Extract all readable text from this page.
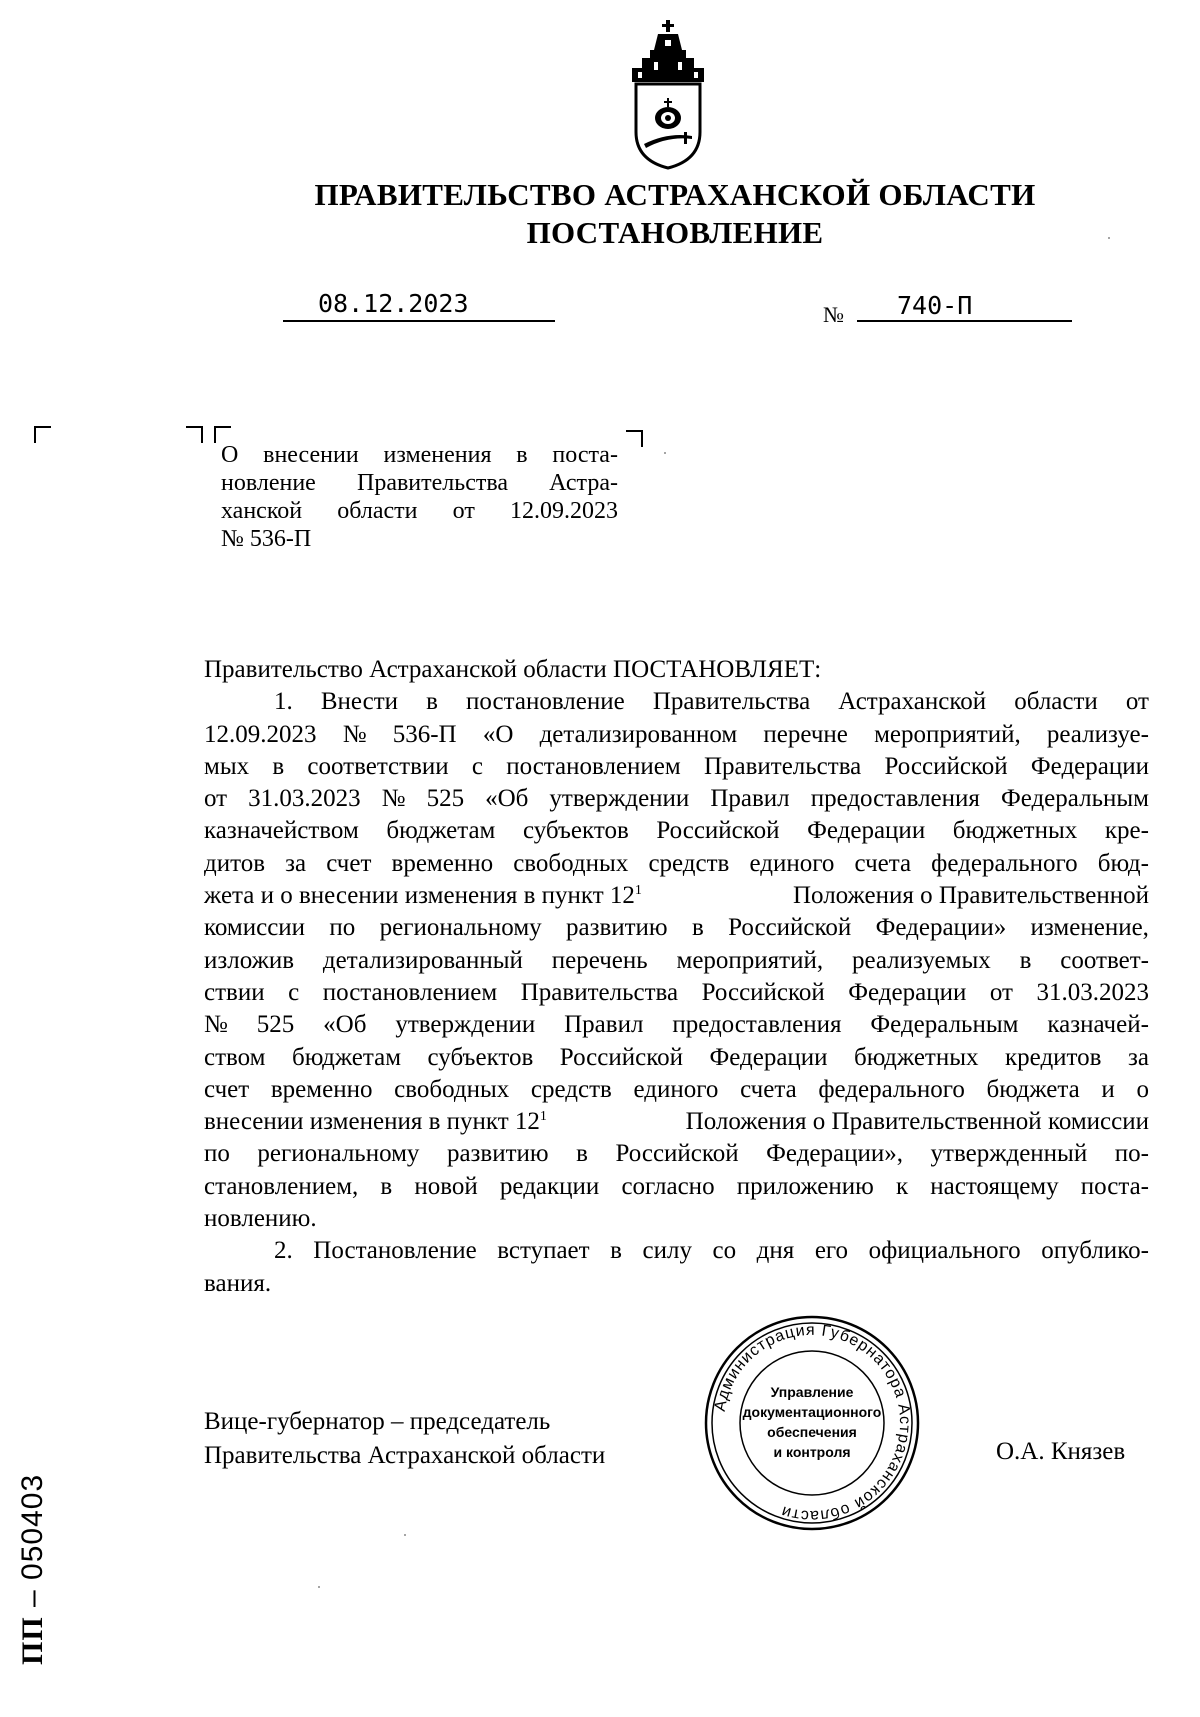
ПРАВИТЕЛЬСТВО АСТРАХАНСКОЙ ОБЛАСТИ
ПОСТАНОВЛЕНИЕ
08.12.2023	№ 740-П
О внесении изменения в поста-
новление Правительства Астра-
ханской области от 12.09.2023
№ 536-П
Правительство Астраханской области ПОСТАНОВЛЯЕТ:
1. Внести в постановление Правительства Астраханской области от
12.09.2023 № 536-П «О детализированном перечне мероприятий, реализуе-
мых в соответствии с постановлением Правительства Российской Федерации
от 31.03.2023 № 525 «Об утверждении Правил предоставления Федеральным
казначейством бюджетам субъектов Российской Федерации бюджетных кре-
дитов за счет временно свободных средств единого счета федерального бюд-
жета и о внесении изменения в пункт $12^1$	Положения о Правительственной
комиссии по региональному развитию в Российской Федерации» изменение,
изложив детализированный перечень мероприятий, реализуемых в соответ-
ствии с постановлением Правительства Российской Федерации от 31.03.2023
№ 525 «Об утверждении Правил предоставления Федеральным казначей-
ством бюджетам субъектов Российской Федерации бюджетных кредитов за
счет временно свободных средств единого счета федерального бюджета и о
внесении изменения в пункт $12^1$	Положения о Правительственной комиссии
по региональному развитию в Российской Федерации», утвержденный по-
становлением, в новой редакции согласно приложению к настоящему поста-
новлению.
2. Постановление вступает в силу со дня его официального опублико-
вания.
Вице-губернатор – председатель
Правительства Астраханской области	О.А. Князев
Администрация Губернатора Астраханской области
Управление
документационного
обеспечения
и контроля
ПП – 050403
